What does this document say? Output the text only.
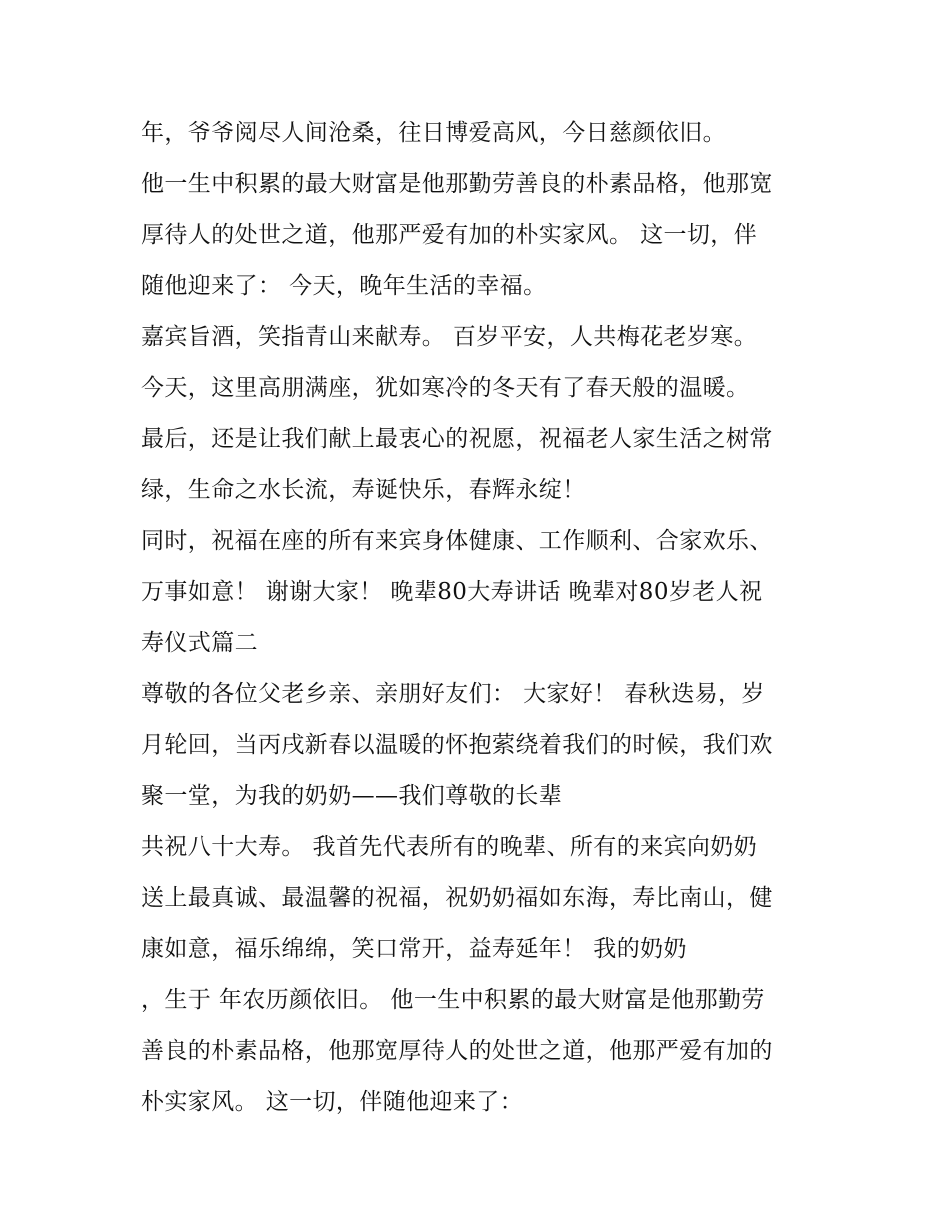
年，爷爷阅尽人间沧桑，往日博爱高风，今日慈颜依旧。
他一生中积累的最大财富是他那勤劳善良的朴素品格，他那宽
厚待人的处世之道，他那严爱有加的朴实家风。 这一切，伴
随他迎来了： 今天，晚年生活的幸福。
嘉宾旨酒，笑指青山来献寿。 百岁平安，人共梅花老岁寒。
今天，这里高朋满座，犹如寒冷的冬天有了春天般的温暖。
最后，还是让我们献上最衷心的祝愿，祝福老人家生活之树常
绿，生命之水长流，寿诞快乐，春辉永绽！
同时，祝福在座的所有来宾身体健康、工作顺利、合家欢乐、
万事如意！ 谢谢大家！ 晚辈80大寿讲话 晚辈对80岁老人祝
寿仪式篇二
尊敬的各位父老乡亲、亲朋好友们： 大家好！ 春秋迭易，岁
月轮回，当丙戌新春以温暖的怀抱萦绕着我们的时候，我们欢
聚一堂，为我的奶奶——我们尊敬的长辈
共祝八十大寿。 我首先代表所有的晚辈、所有的来宾向奶奶
送上最真诚、最温馨的祝福，祝奶奶福如东海，寿比南山，健
康如意，福乐绵绵，笑口常开，益寿延年！ 我的奶奶
，生于 年农历颜依旧。 他一生中积累的最大财富是他那勤劳
善良的朴素品格，他那宽厚待人的处世之道，他那严爱有加的
朴实家风。 这一切，伴随他迎来了：
